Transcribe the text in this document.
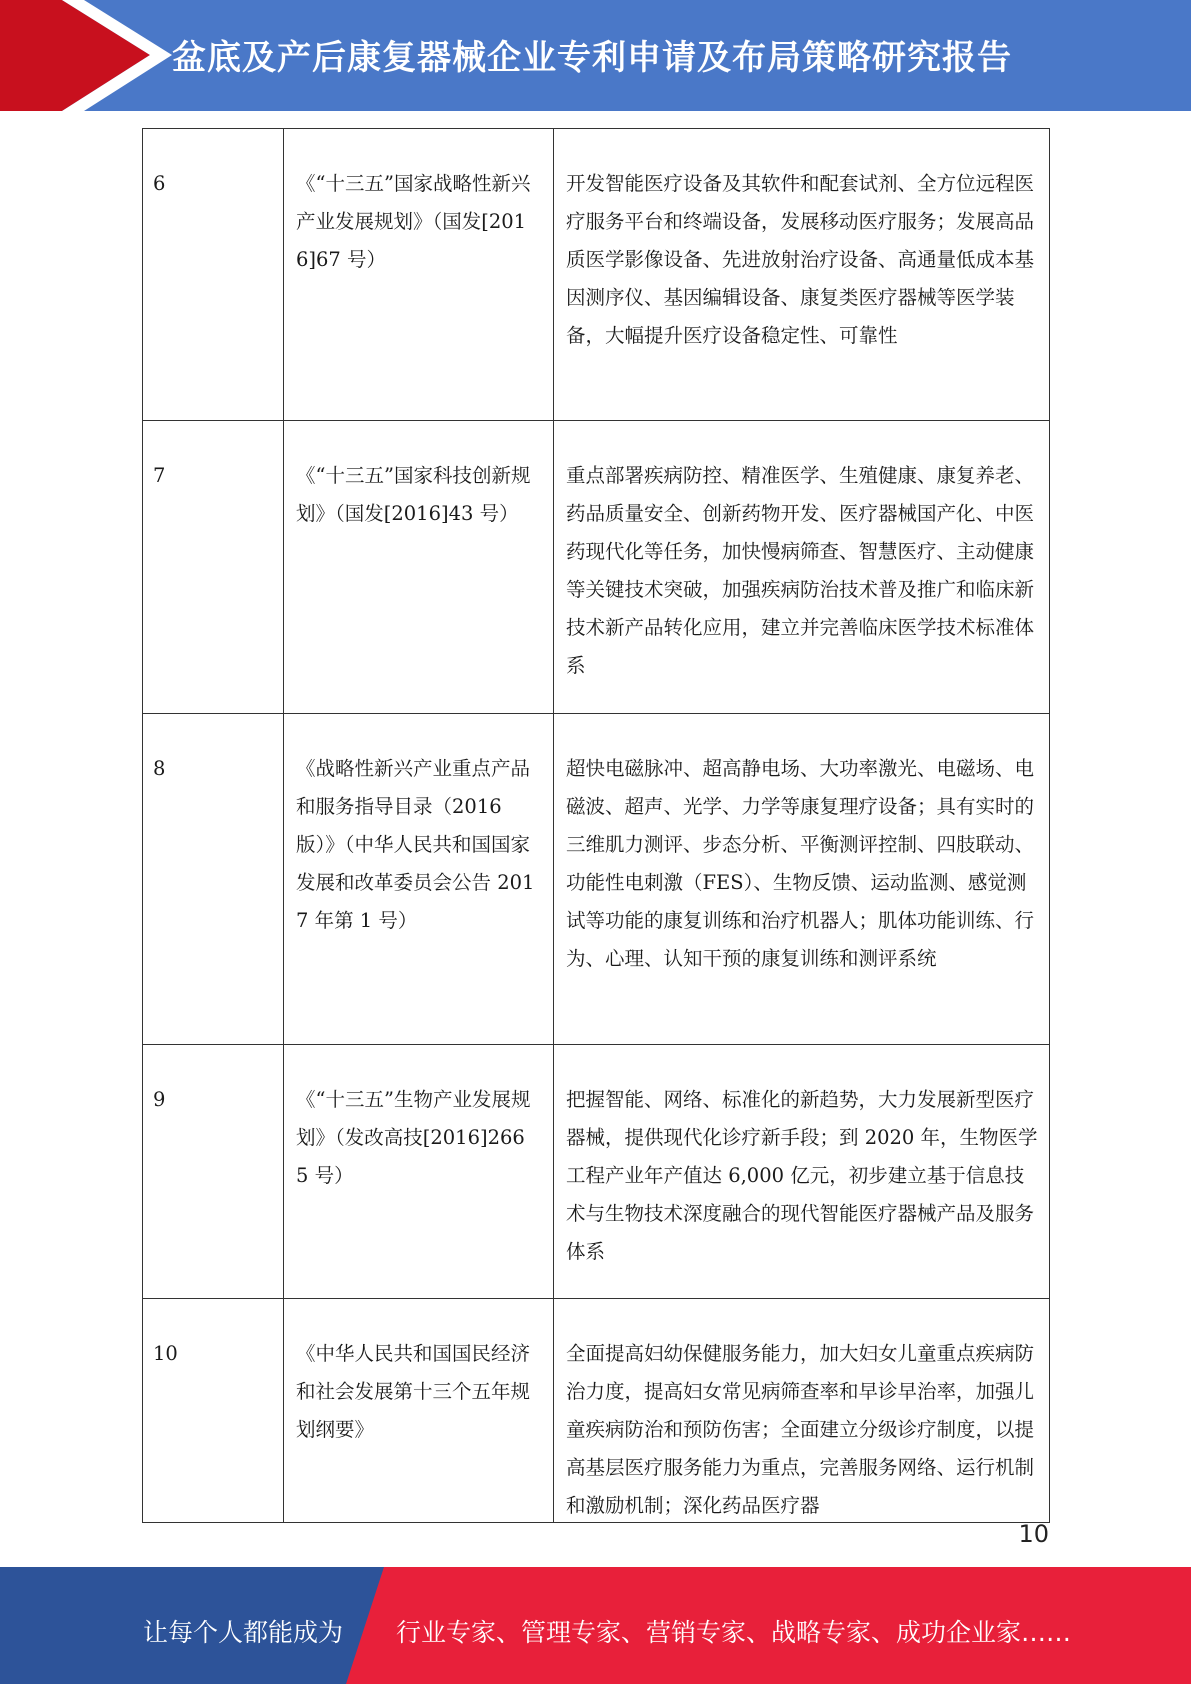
盆底及产后康复器械企业专利申请及布局策略研究报告
6	《“十三五”国家战略性新兴产业发展规划》（国发[2016]67 号）	开发智能医疗设备及其软件和配套试剂、全方位远程医疗服务平台和终端设备，发展移动医疗服务；发展高品质医学影像设备、先进放射治疗设备、高通量低成本基因测序仪、基因编辑设备、康复类医疗器械等医学装备，大幅提升医疗设备稳定性、可靠性
7	《“十三五”国家科技创新规划》（国发[2016]43 号）	重点部署疾病防控、精准医学、生殖健康、康复养老、药品质量安全、创新药物开发、医疗器械国产化、中医药现代化等任务，加快慢病筛查、智慧医疗、主动健康等关键技术突破，加强疾病防治技术普及推广和临床新技术新产品转化应用，建立并完善临床医学技术标准体系
8	《战略性新兴产业重点产品和服务指导目录（2016 版）》（中华人民共和国国家发展和改革委员会公告 2017 年第 1 号）	超快电磁脉冲、超高静电场、大功率激光、电磁场、电磁波、超声、光学、力学等康复理疗设备；具有实时的三维肌力测评、步态分析、平衡测评控制、四肢联动、功能性电刺激（FES）、生物反馈、运动监测、感觉测试等功能的康复训练和治疗机器人；肌体功能训练、行为、心理、认知干预的康复训练和测评系统
9	《“十三五”生物产业发展规划》（发改高技[2016]2665 号）	把握智能、网络、标准化的新趋势，大力发展新型医疗器械，提供现代化诊疗新手段；到 2020 年，生物医学工程产业年产值达 6,000 亿元，初步建立基于信息技术与生物技术深度融合的现代智能医疗器械产品及服务体系
10	《中华人民共和国国民经济和社会发展第十三个五年规划纲要》	全面提高妇幼保健服务能力，加大妇女儿童重点疾病防治力度，提高妇女常见病筛查率和早诊早治率，加强儿童疾病防治和预防伤害；全面建立分级诊疗制度，以提高基层医疗服务能力为重点，完善服务网络、运行机制和激励机制；深化药品医疗器
10
让每个人都能成为 行业专家、管理专家、营销专家、战略专家、成功企业家……
